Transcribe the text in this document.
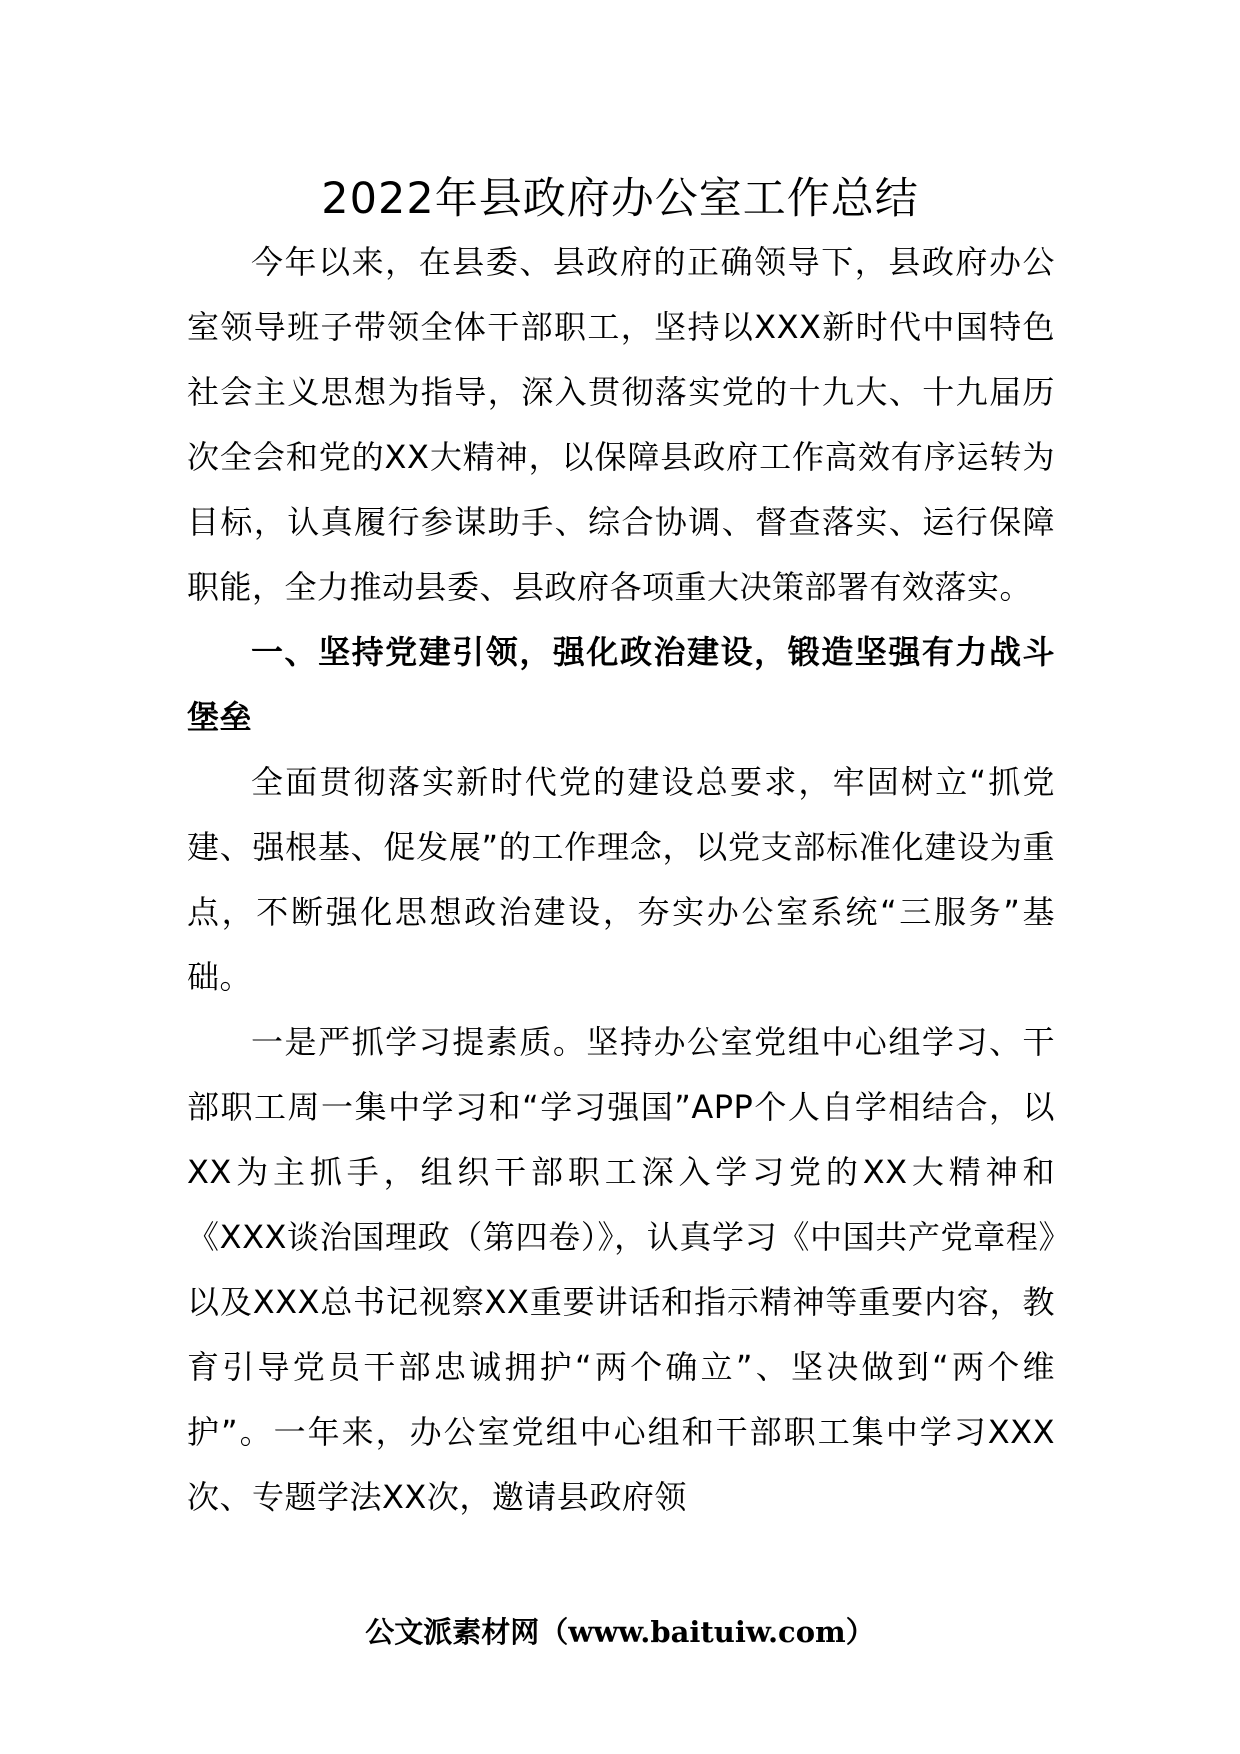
2022年县政府办公室工作总结

今年以来，在县委、县政府的正确领导下，县政府办公室领导班子带领全体干部职工，坚持以XXX新时代中国特色社会主义思想为指导，深入贯彻落实党的十九大、十九届历次全会和党的XX大精神，以保障县政府工作高效有序运转为目标，认真履行参谋助手、综合协调、督查落实、运行保障职能，全力推动县委、县政府各项重大决策部署有效落实。

一、坚持党建引领，强化政治建设，锻造坚强有力战斗堡垒

全面贯彻落实新时代党的建设总要求，牢固树立“抓党建、强根基、促发展”的工作理念，以党支部标准化建设为重点，不断强化思想政治建设，夯实办公室系统“三服务”基础。

一是严抓学习提素质。坚持办公室党组中心组学习、干部职工周一集中学习和“学习强国”APP个人自学相结合，以XX为主抓手，组织干部职工深入学习党的XX大精神和《XXX谈治国理政（第四卷）》，认真学习《中国共产党章程》以及XXX总书记视察XX重要讲话和指示精神等重要内容，教育引导党员干部忠诚拥护“两个确立”、坚决做到“两个维护”。一年来，办公室党组中心组和干部职工集中学习XXX次、专题学法XX次，邀请县政府领

公文派素材网（www.baituiw.com）
